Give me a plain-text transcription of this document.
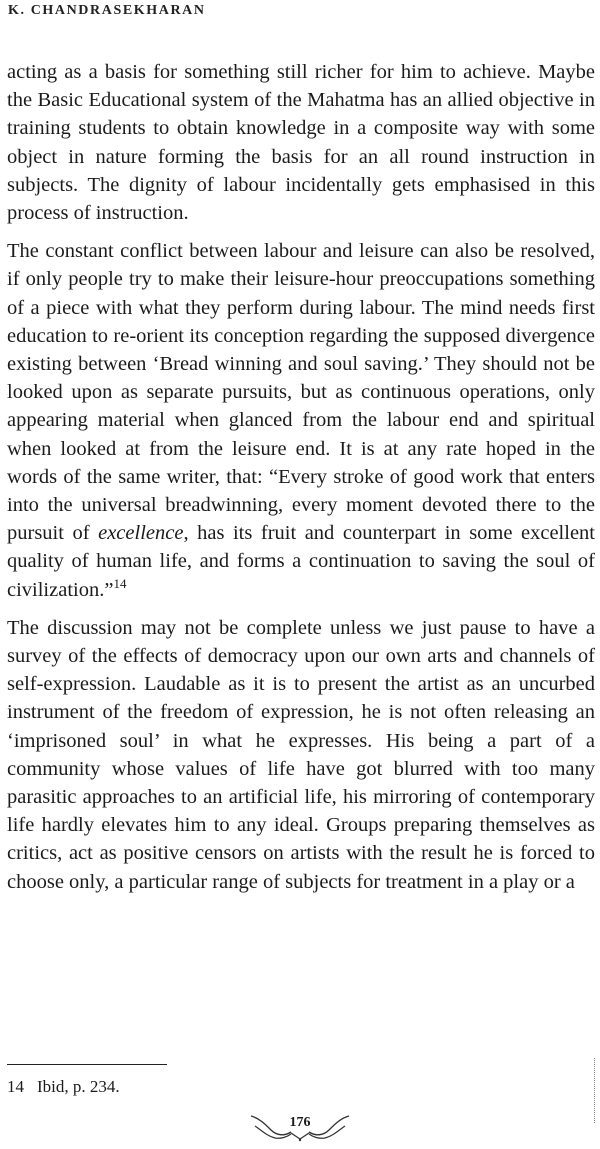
K. CHANDRASEKHARAN

acting as a basis for something still richer for him to achieve. Maybe the Basic Educational system of the Mahatma has an allied objective in training students to obtain knowledge in a composite way with some object in nature forming the basis for an all round instruction in subjects. The dignity of labour incidentally gets emphasised in this process of instruction.

The constant conflict between labour and leisure can also be resolved, if only people try to make their leisure-hour preoccupations something of a piece with what they perform during labour. The mind needs first education to re-orient its conception regarding the supposed divergence existing between ‘Bread winning and soul saving.’ They should not be looked upon as separate pursuits, but as continuous operations, only appearing material when glanced from the labour end and spiritual when looked at from the leisure end. It is at any rate hoped in the words of the same writer, that: “Every stroke of good work that enters into the universal breadwinning, every moment devoted there to the pursuit of excellence, has its fruit and counterpart in some excellent quality of human life, and forms a continuation to saving the soul of civilization.”$^{14}$

The discussion may not be complete unless we just pause to have a survey of the effects of democracy upon our own arts and channels of self-expression. Laudable as it is to present the artist as an uncurbed instrument of the freedom of expression, he is not often releasing an ‘imprisoned soul’ in what he expresses. His being a part of a community whose values of life have got blurred with too many parasitic approaches to an artificial life, his mirroring of contemporary life hardly elevates him to any ideal. Groups preparing themselves as critics, act as positive censors on artists with the result he is forced to choose only, a particular range of subjects for treatment in a play or a

14 Ibid, p. 234.
176
